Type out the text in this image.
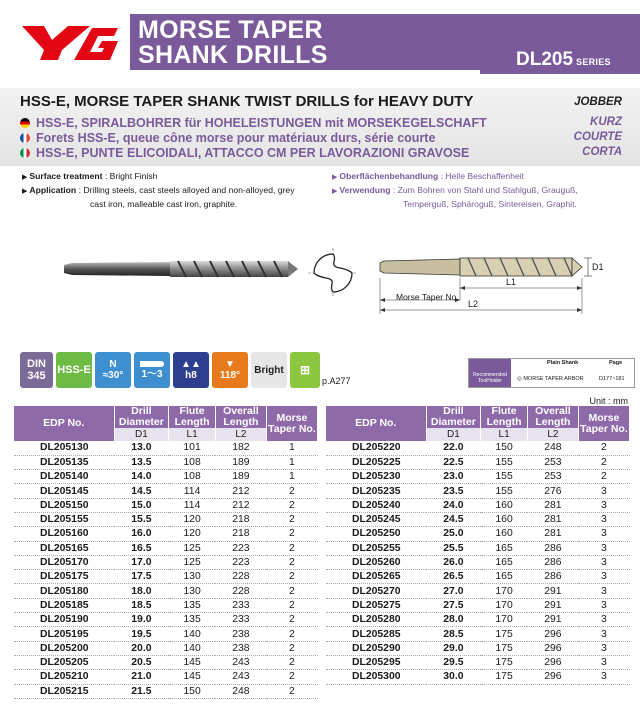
MORSE TAPER
SHANK DRILLS	DL205 SERIES
HSS-E, MORSE TAPER SHANK TWIST DRILLS for HEAVY DUTY
HSS-E, SPIRALBOHRER für HOHELEISTUNGEN mit MORSEKEGELSCHAFT
Forets HSS-E, queue cône morse pour matériaux durs, série courte
HSS-E, PUNTE ELICOIDALI, ATTACCO CM PER LAVORAZIONI GRAVOSE
JOBBER
KURZ
COURTE
CORTA
▶ Surface treatment : Bright Finish
▶ Application : Drilling steels, cast steels alloyed and non-alloyed, grey
cast iron, malleable cast iron, graphite.
▶ Oberflächenbehandlung : Helle Beschaffenheit
▶ Verwendung : Zum Bohren von Stahl und Stahlguß, Grauguß,
Temperguß, Sphäroguß, Sintereisen, Graphit.
D1
L1
L2
Morse Taper No.
DIN
345 HSS-E N
≈30° 1～3
▲▲
h8
▼
118° Bright	⊞
p.A277
Recommended
ToolHolder
Plain Shank	Page
◎ MORSE TAPER ARBOR	D177~181
Unit : mm
EDP No.	Drill Diameter	Flute Length	Overall Length	Morse Taper No.
	D1	L1	L2	
DL205130	13.0	101	182	1
DL205135	13.5	108	189	1
DL205140	14.0	108	189	1
DL205145	14.5	114	212	2
DL205150	15.0	114	212	2
DL205155	15.5	120	218	2
DL205160	16.0	120	218	2
DL205165	16.5	125	223	2
DL205170	17.0	125	223	2
DL205175	17.5	130	228	2
DL205180	18.0	130	228	2
DL205185	18.5	135	233	2
DL205190	19.0	135	233	2
DL205195	19.5	140	238	2
DL205200	20.0	140	238	2
DL205205	20.5	145	243	2
DL205210	21.0	145	243	2
DL205215	21.5	150	248	2
EDP No.	Drill Diameter	Flute Length	Overall Length	Morse Taper No.
	D1	L1	L2	
DL205220	22.0	150	248	2
DL205225	22.5	155	253	2
DL205230	23.0	155	253	2
DL205235	23.5	155	276	3
DL205240	24.0	160	281	3
DL205245	24.5	160	281	3
DL205250	25.0	160	281	3
DL205255	25.5	165	286	3
DL205260	26.0	165	286	3
DL205265	26.5	165	286	3
DL205270	27.0	170	291	3
DL205275	27.5	170	291	3
DL205280	28.0	170	291	3
DL205285	28.5	175	296	3
DL205290	29.0	175	296	3
DL205295	29.5	175	296	3
DL205300	30.0	175	296	3
